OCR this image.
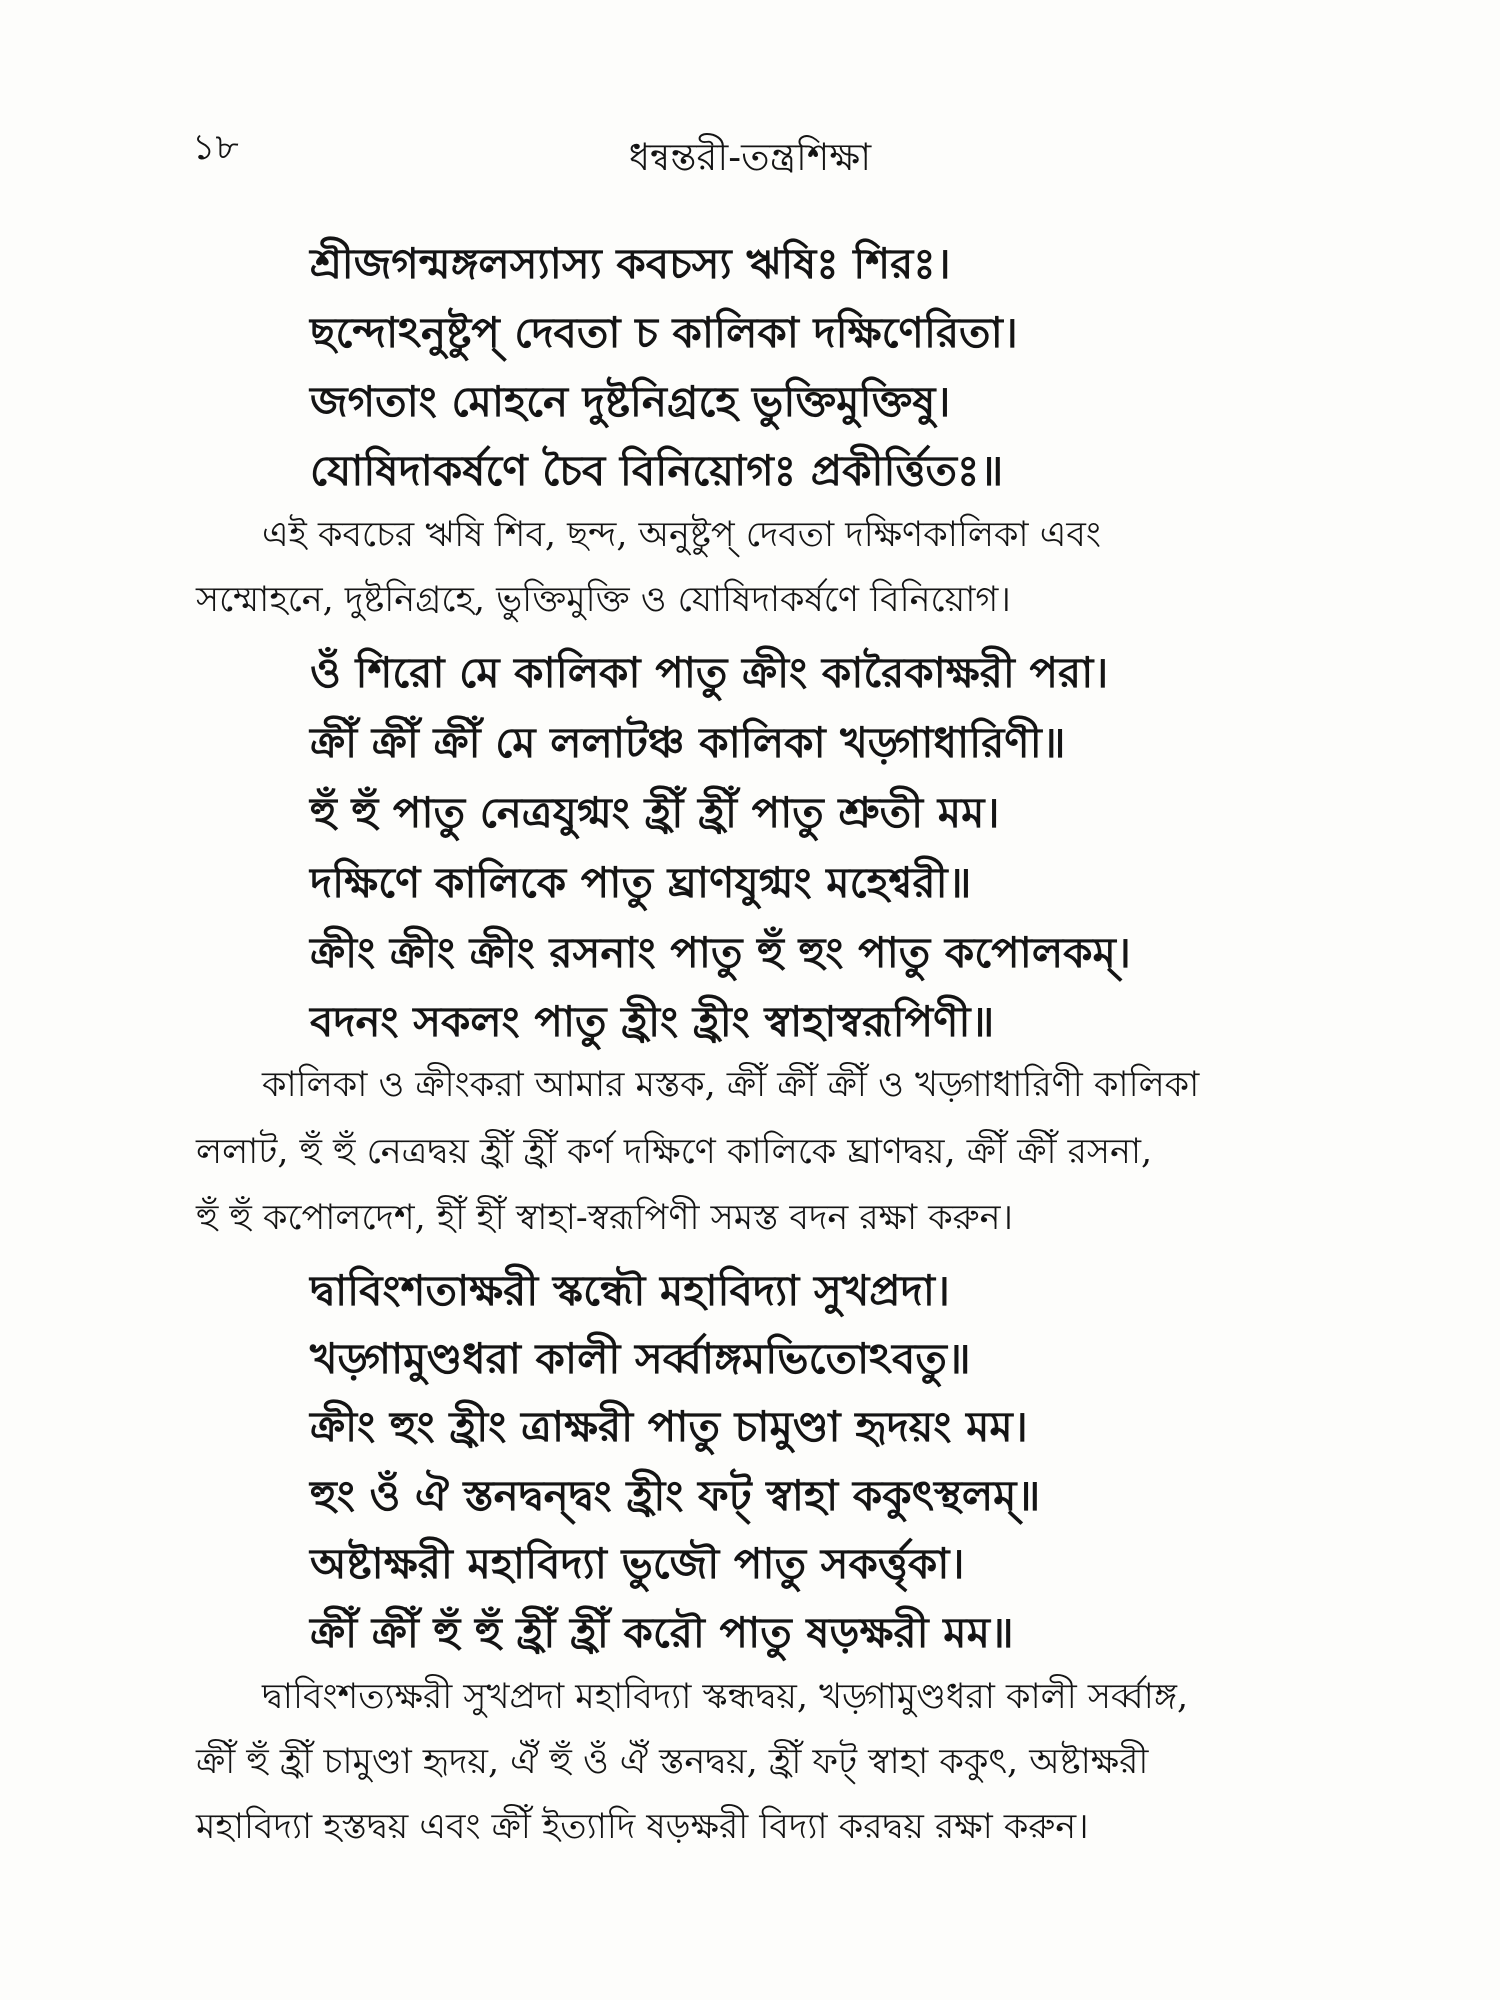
১৮	ধন্বন্তরী-তন্ত্রশিক্ষা
শ্রীজগন্মঙ্গলস্যাস্য কবচস্য ঋষিঃ শিরঃ।
ছন্দোঽনুষ্টুপ্ দেবতা চ কালিকা দক্ষিণেরিতা।
জগতাং মোহনে দুষ্টনিগ্রহে ভুক্তিমুক্তিষু।
যোষিদাকর্ষণে চৈব বিনিয়োগঃ প্রকীর্ত্তিতঃ॥
এই কবচের ঋষি শিব, ছন্দ, অনুষ্টুপ্ দেবতা দক্ষিণকালিকা এবং
সম্মোহনে, দুষ্টনিগ্রহে, ভুক্তিমুক্তি ও যোষিদাকর্ষণে বিনিয়োগ।
ওঁ শিরো মে কালিকা পাতু ক্রীং কারৈকাক্ষরী পরা।
ক্রীঁ ক্রীঁ ক্রীঁ মে ললাটঞ্চ কালিকা খড়্গাধারিণী॥
হুঁ হুঁ পাতু নেত্রযুগ্মং হ্রীঁ হ্রীঁ পাতু শ্রুতী মম।
দক্ষিণে কালিকে পাতু ঘ্রাণযুগ্মং মহেশ্বরী॥
ক্রীং ক্রীং ক্রীং রসনাং পাতু হুঁ হুং পাতু কপোলকম্।
বদনং সকলং পাতু হ্রীং হ্রীং স্বাহাস্বরূপিণী॥
কালিকা ও ক্রীংকরা আমার মস্তক, ক্রীঁ ক্রীঁ ক্রীঁ ও খড়্গাধারিণী কালিকা
ললাট, হুঁ হুঁ নেত্রদ্বয় হ্রীঁ হ্রীঁ কর্ণ দক্ষিণে কালিকে ঘ্রাণদ্বয়, ক্রীঁ ক্রীঁ রসনা,
হুঁ হুঁ কপোলদেশ, হীঁ হীঁ স্বাহা-স্বরূপিণী সমস্ত বদন রক্ষা করুন।
দ্বাবিংশতাক্ষরী স্কন্ধৌ মহাবিদ্যা সুখপ্রদা।
খড়্গামুণ্ডধরা কালী সর্ব্বাঙ্গমভিতোঽবতু॥
ক্রীং হুং হ্রীং ত্রাক্ষরী পাতু চামুণ্ডা হৃদয়ং মম।
হুং ওঁ ঐ স্তনদ্বন্দ্বং হ্রীং ফট্ স্বাহা ককুৎস্থলম্॥
অষ্টাক্ষরী মহাবিদ্যা ভুজৌ পাতু সকর্ত্তৃকা।
ক্রীঁ ক্রীঁ হুঁ হুঁ হ্রীঁ হ্রীঁ করৌ পাতু ষড়ক্ষরী মম॥
দ্বাবিংশত্যক্ষরী সুখপ্রদা মহাবিদ্যা স্কন্ধদ্বয়, খড়্গামুণ্ডধরা কালী সর্ব্বাঙ্গ,
ক্রীঁ হুঁ হ্রীঁ চামুণ্ডা হৃদয়, ঐঁ হুঁ ওঁ ঐঁ স্তনদ্বয়, হ্রীঁ ফট্ স্বাহা ককুৎ, অষ্টাক্ষরী
মহাবিদ্যা হস্তদ্বয় এবং ক্রীঁ ইত্যাদি ষড়ক্ষরী বিদ্যা করদ্বয় রক্ষা করুন।
